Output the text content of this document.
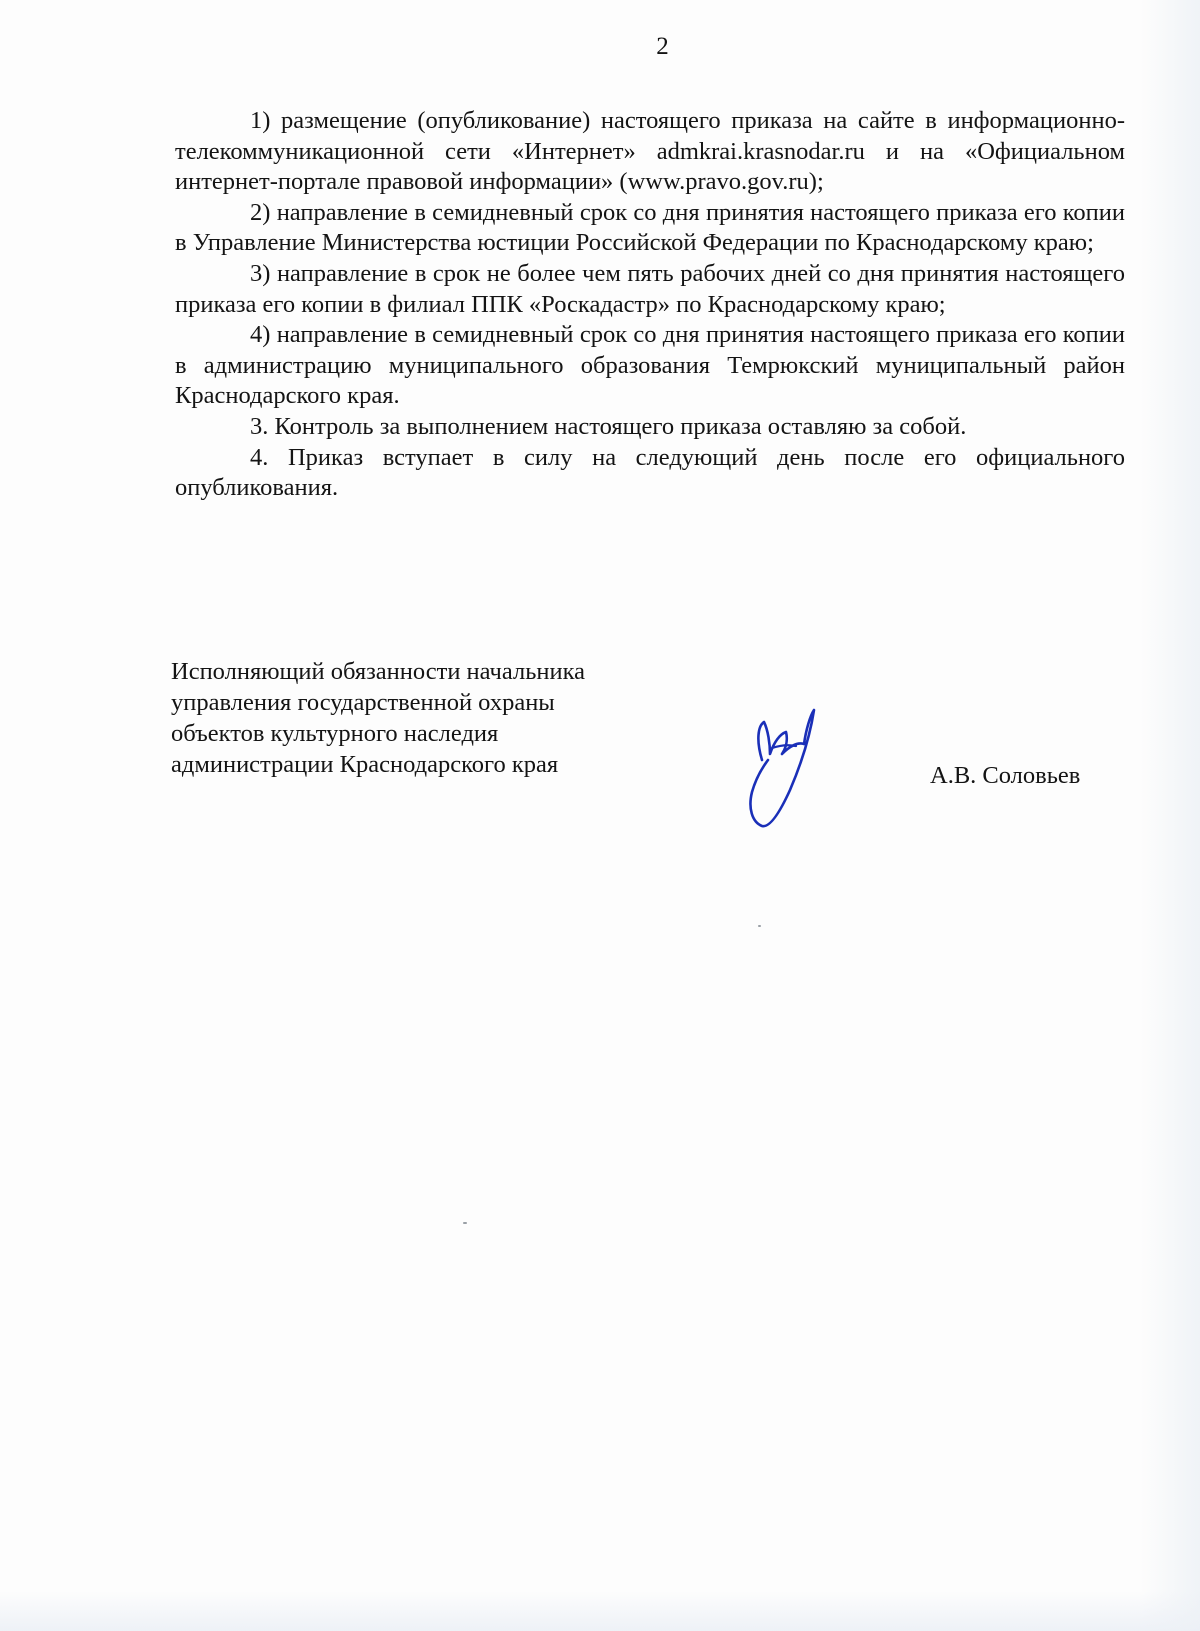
2

1) размещение (опубликование) настоящего приказа на сайте в информационно-телекоммуникационной сети «Интернет» admkrai.krasnodar.ru и на «Официальном интернет-портале правовой информации» (www.pravo.gov.ru);

2) направление в семидневный срок со дня принятия настоящего приказа его копии в Управление Министерства юстиции Российской Федерации по Краснодарскому краю;

3) направление в срок не более чем пять рабочих дней со дня принятия настоящего приказа его копии в филиал ППК «Роскадастр» по Краснодарскому краю;

4) направление в семидневный срок со дня принятия настоящего приказа его копии в администрацию муниципального образования Темрюкский муниципальный район Краснодарского края.

3. Контроль за выполнением настоящего приказа оставляю за собой.

4. Приказ вступает в силу на следующий день после его официального опубликования.

Исполняющий обязанности начальника
управления государственной охраны
объектов культурного наследия
администрации Краснодарского края	А.В. Соловьев
